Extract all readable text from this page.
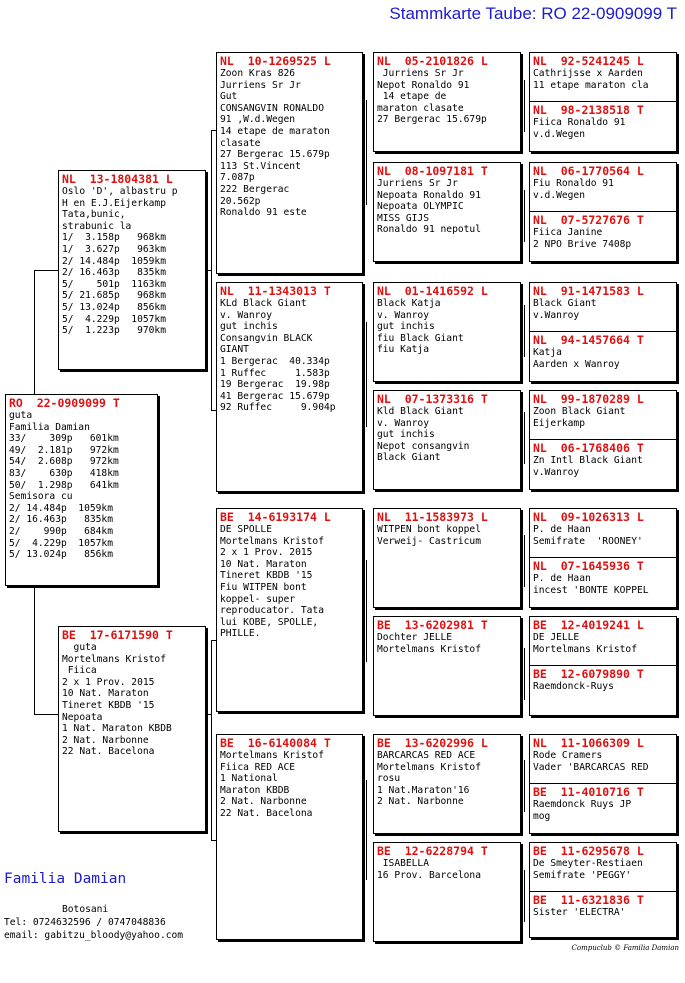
Stammkarte Taube: RO 22-0909099 T
RO  22-0909099 T
guta
Familia Damian
33/    309p   601km
49/  2.181p   972km
54/  2.608p   972km
83/    630p   418km
50/  1.298p   641km
Semisora cu
2/ 14.484p  1059km
2/ 16.463p   835km
2/    990p   684km
5/  4.229p  1057km
5/ 13.024p   856km
NL  13-1804381 L
Oslo 'D', albastru p
H en E.J.Eijerkamp
Tata,bunic,
strabunic la
1/  3.158p   968km
1/  3.627p   963km
2/ 14.484p  1059km
2/ 16.463p   835km
5/    501p  1163km
5/ 21.685p   968km
5/ 13.024p   856km
5/  4.229p  1057km
5/  1.223p   970km
BE  17-6171590 T
guta
Mortelmans Kristof
Fiica
2 x 1 Prov. 2015
10 Nat. Maraton
Tineret KBDB '15
Nepoata
1 Nat. Maraton KBDB
2 Nat. Narbonne
22 Nat. Bacelona
NL  10-1269525 L
Zoon Kras 826
Jurriens Sr Jr
Gut
CONSANGVIN RONALDO
91 ,W.d.Wegen
14 etape de maraton
clasate
27 Bergerac 15.679p
113 St.Vincent
7.087p
222 Bergerac
20.562p
Ronaldo 91 este
NL  11-1343013 T
KLd Black Giant
v. Wanroy
gut inchis
Consangvin BLACK
GIANT
1 Bergerac  40.334p
1 Ruffec     1.583p
19 Bergerac  19.98p
41 Bergerac 15.679p
92 Ruffec     9.904p
BE  14-6193174 L
DE SPOLLE
Mortelmans Kristof
2 x 1 Prov. 2015
10 Nat. Maraton
Tineret KBDB '15
Fiu WITPEN bont
koppel- super
reproducator. Tata
lui KOBE, SPOLLE,
PHILLE.
BE  16-6140084 T
Mortelmans Kristof
Fiica RED ACE
1 National
Maraton KBDB
2 Nat. Narbonne
22 Nat. Bacelona
NL  05-2101826 L
Jurriens Sr Jr
Nepot Ronaldo 91
14 etape de
maraton clasate
27 Bergerac 15.679p
NL  08-1097181 T
Jurriens Sr Jr
Nepoata Ronaldo 91
Nepoata OLYMPIC
MISS GIJS
Ronaldo 91 nepotul
NL  01-1416592 L
Black Katja
v. Wanroy
gut inchis
fiu Black Giant
fiu Katja
NL  07-1373316 T
Kld Black Giant
v. Wanroy
gut inchis
Nepot consangvin
Black Giant
NL  11-1583973 L
WITPEN bont koppel
Verweij- Castricum
BE  13-6202981 T
Dochter JELLE
Mortelmans Kristof
BE  13-6202996 L
BARCARCAS RED ACE
Mortelmans Kristof
rosu
1 Nat.Maraton'16
2 Nat. Narbonne
BE  12-6228794 T
ISABELLA
16 Prov. Barcelona
NL  92-5241245 L
Cathrijsse x Aarden
11 etape maraton cla
NL  98-2138518 T
Fiica Ronaldo 91
v.d.Wegen
NL  06-1770564 L
Fiu Ronaldo 91
v.d.Wegen
NL  07-5727676 T
Fiica Janine
2 NPO Brive 7408p
NL  91-1471583 L
Black Giant
v.Wanroy
NL  94-1457664 T
Katja
Aarden x Wanroy
NL  99-1870289 L
Zoon Black Giant
Eijerkamp
NL  06-1768406 T
Zn Intl Black Giant
v.Wanroy
NL  09-1026313 L
P. de Haan
Semifrate  'ROONEY'
NL  07-1645936 T
P. de Haan
incest 'BONTE KOPPEL
BE  12-4019241 L
DE JELLE
Mortelmans Kristof
BE  12-6079890 T
Raemdonck-Ruys
NL  11-1066309 L
Rode Cramers
Vader 'BARCARCAS RED
BE  11-4010716 T
Raemdonck Ruys JP
mog
BE  11-6295678 L
De Smeyter-Restiaen
Semifrate 'PEGGY'
BE  11-6321836 T
Sister 'ELECTRA'
Familia Damian
Botosani
Tel: 0724632596 / 0747048836
email: gabitzu_bloody@yahoo.com
Compuclub © Familia Damian
